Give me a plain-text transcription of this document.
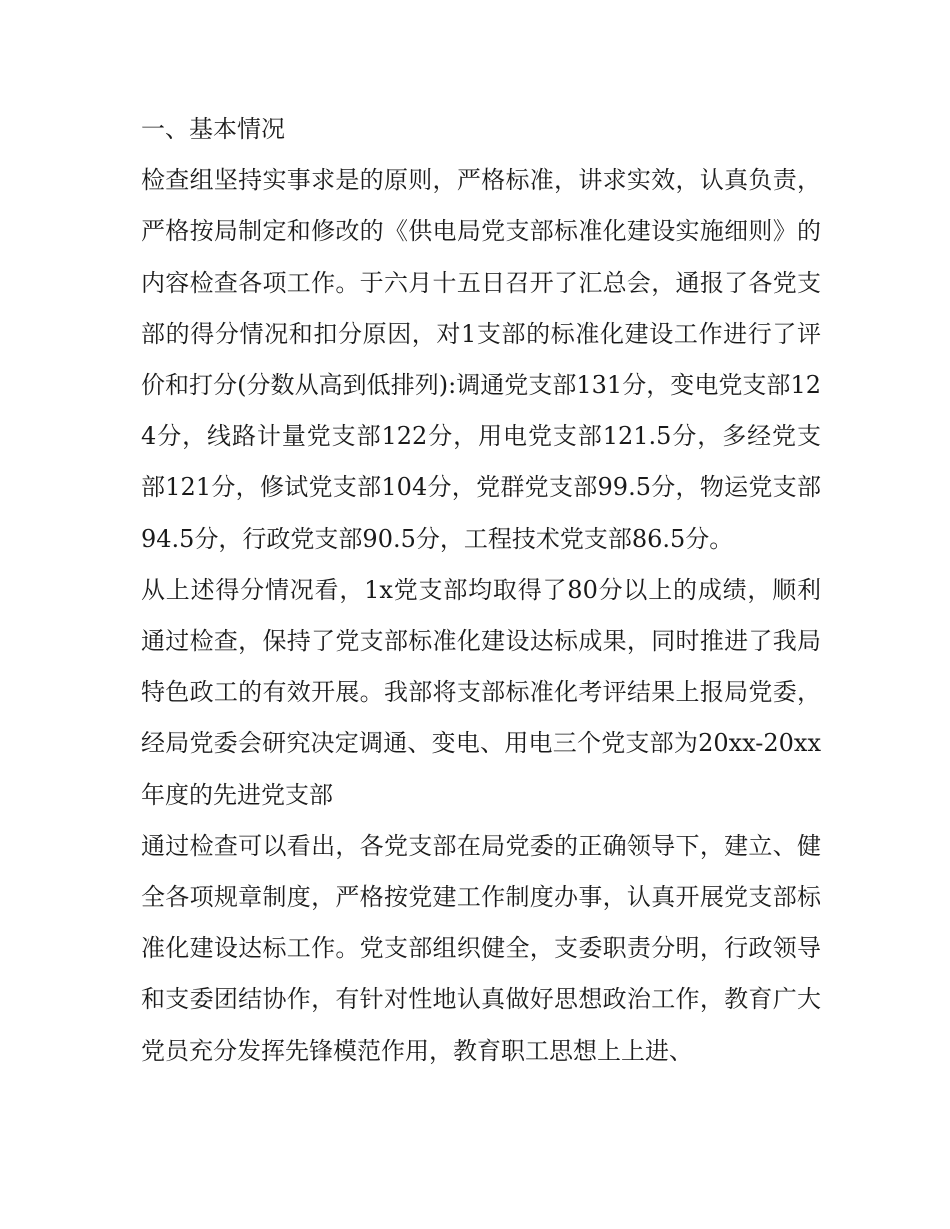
一、基本情况

检查组坚持实事求是的原则，严格标准，讲求实效，认真负责，严格按局制定和修改的《供电局党支部标准化建设实施细则》的内容检查各项工作。于六月十五日召开了汇总会，通报了各党支部的得分情况和扣分原因，对1支部的标准化建设工作进行了评价和打分(分数从高到低排列):调通党支部131分，变电党支部124分，线路计量党支部122分，用电党支部121.5分，多经党支部121分，修试党支部104分，党群党支部99.5分，物运党支部94.5分，行政党支部90.5分，工程技术党支部86.5分。

从上述得分情况看，1x党支部均取得了80分以上的成绩，顺利通过检查，保持了党支部标准化建设达标成果，同时推进了我局特色政工的有效开展。我部将支部标准化考评结果上报局党委，经局党委会研究决定调通、变电、用电三个党支部为20xx-20xx年度的先进党支部

通过检查可以看出，各党支部在局党委的正确领导下，建立、健全各项规章制度，严格按党建工作制度办事，认真开展党支部标准化建设达标工作。党支部组织健全，支委职责分明，行政领导和支委团结协作，有针对性地认真做好思想政治工作，教育广大党员充分发挥先锋模范作用，教育职工思想上上进、
